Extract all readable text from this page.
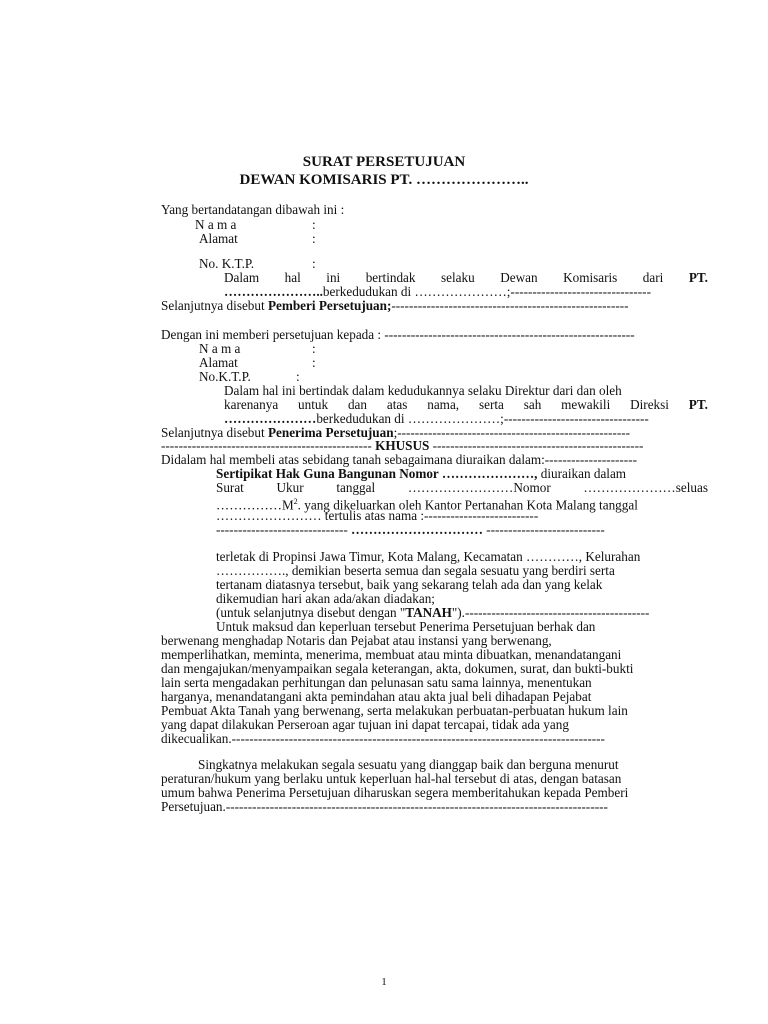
SURAT PERSETUJUAN
DEWAN KOMISARIS PT. …………………..
Yang bertandatangan dibawah ini :
N a m a	:
Alamat	:
No. K.T.P.	:
Dalam hal ini bertindak selaku Dewan Komisaris dari PT.
…………………..berkedudukan di …………………;--------------------------------
Selanjutnya disebut Pemberi Persetujuan;------------------------------------------------------
Dengan ini memberi persetujuan kepada : ---------------------------------------------------------
N a m a	:
Alamat	:
No.K.T.P.	:
Dalam hal ini bertindak dalam kedudukannya selaku Direktur dari dan oleh
karenanya untuk dan atas nama, serta sah mewakili Direksi PT.
…………………berkedudukan di …………………;---------------------------------
Selanjutnya disebut Penerima Persetujuan;-----------------------------------------------------
------------------------------------------------ KHUSUS ------------------------------------------------
Didalam hal membeli atas sebidang tanah sebagaimana diuraikan dalam:---------------------
Sertipikat Hak Guna Bangunan Nomor …………………, diuraikan dalam
Surat Ukur tanggal ……………………Nomor …………………seluas
$\dots\dots\dots\dots\dots M^2$. yang dikeluarkan oleh Kantor Pertanahan Kota Malang tanggal
…………………… tertulis atas nama :--------------------------
------------------------------ ………………………… ---------------------------
terletak di Propinsi Jawa Timur, Kota Malang, Kecamatan …………, Kelurahan
……………., demikian beserta semua dan segala sesuatu yang berdiri serta
tertanam diatasnya tersebut, baik yang sekarang telah ada dan yang kelak
dikemudian hari akan ada/akan diadakan;
(untuk selanjutnya disebut dengan "TANAH").------------------------------------------
Untuk maksud dan keperluan tersebut Penerima Persetujuan berhak dan
berwenang menghadap Notaris dan Pejabat atau instansi yang berwenang,
memperlihatkan, meminta, menerima, membuat atau minta dibuatkan, menandatangani
dan mengajukan/menyampaikan segala keterangan, akta, dokumen, surat, dan bukti-bukti
lain serta mengadakan perhitungan dan pelunasan satu sama lainnya, menentukan
harganya, menandatangani akta pemindahan atau akta jual beli dihadapan Pejabat
Pembuat Akta Tanah yang berwenang, serta melakukan perbuatan-perbuatan hukum lain
yang dapat dilakukan Perseroan agar tujuan ini dapat tercapai, tidak ada yang
dikecualikan.-------------------------------------------------------------------------------------
Singkatnya melakukan segala sesuatu yang dianggap baik dan berguna menurut
peraturan/hukum yang berlaku untuk keperluan hal-hal tersebut di atas, dengan batasan
umum bahwa Penerima Persetujuan diharuskan segera memberitahukan kepada Pemberi
Persetujuan.---------------------------------------------------------------------------------------
1
